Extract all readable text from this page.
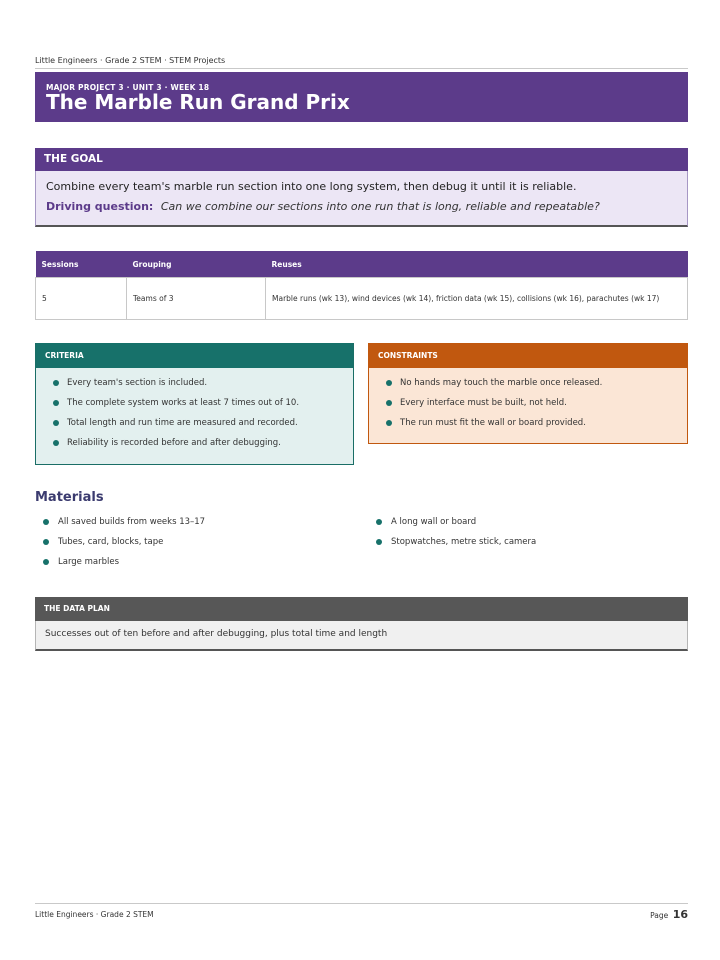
Little Engineers · Grade 2 STEM · STEM Projects
MAJOR PROJECT 3 · UNIT 3 · WEEK 18
The Marble Run Grand Prix
THE GOAL
Combine every team's marble run section into one long system, then debug it until it is reliable.
Driving question: Can we combine our sections into one run that is long, reliable and repeatable?
Sessions	Grouping	Reuses
5	Teams of 3	Marble runs (wk 13), wind devices (wk 14), friction data (wk 15), collisions (wk 16), parachutes (wk 17)
CRITERIA
Every team's section is included.
The complete system works at least 7 times out of 10.
Total length and run time are measured and recorded.
Reliability is recorded before and after debugging.
CONSTRAINTS
No hands may touch the marble once released.
Every interface must be built, not held.
The run must fit the wall or board provided.
Materials
All saved builds from weeks 13–17
Tubes, card, blocks, tape
Large marbles
A long wall or board
Stopwatches, metre stick, camera
THE DATA PLAN
Successes out of ten before and after debugging, plus total time and length
Little Engineers · Grade 2 STEM	Page 16
